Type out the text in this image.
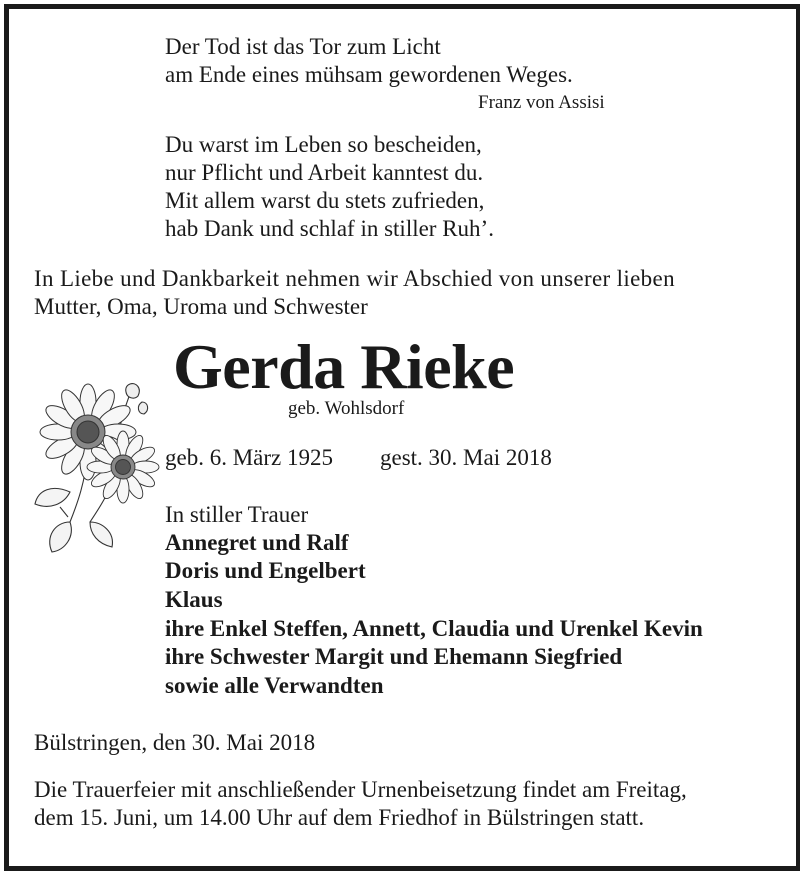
Der Tod ist das Tor zum Licht
am Ende eines mühsam gewordenen Weges.
Franz von Assisi
Du warst im Leben so bescheiden,
nur Pflicht und Arbeit kanntest du.
Mit allem warst du stets zufrieden,
hab Dank und schlaf in stiller Ruh’.
In Liebe und Dankbarkeit nehmen wir Abschied von unserer lieben
Mutter, Oma, Uroma und Schwester
Gerda Rieke
geb. Wohlsdorf
geb. 6. März 1925 gest. 30. Mai 2018
In stiller Trauer
Annegret und Ralf
Doris und Engelbert
Klaus
ihre Enkel Steffen, Annett, Claudia und Urenkel Kevin
ihre Schwester Margit und Ehemann Siegfried
sowie alle Verwandten
Bülstringen, den 30. Mai 2018
Die Trauerfeier mit anschließender Urnenbeisetzung findet am Freitag,
dem 15. Juni, um 14.00 Uhr auf dem Friedhof in Bülstringen statt.
